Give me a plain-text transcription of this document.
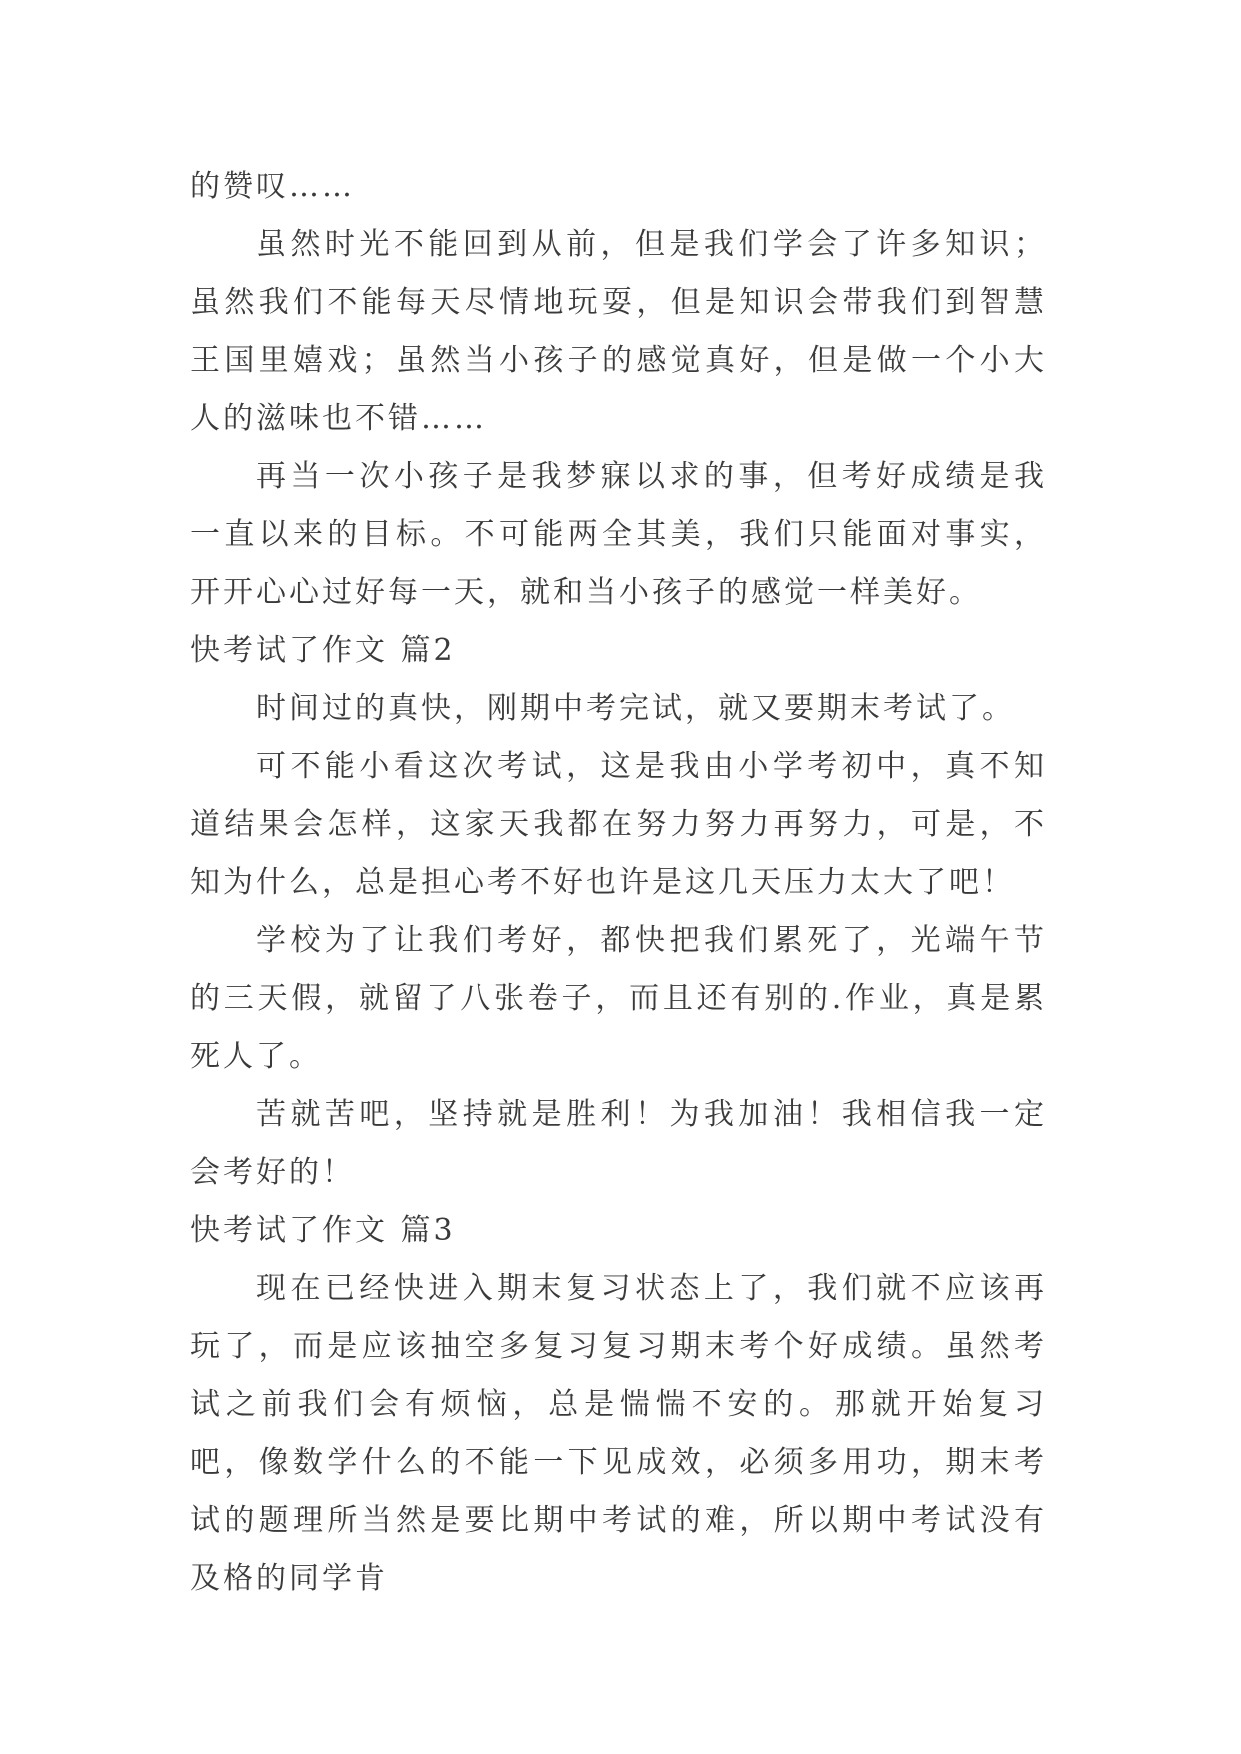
的赞叹……

虽然时光不能回到从前，但是我们学会了许多知识；虽然我们不能每天尽情地玩耍，但是知识会带我们到智慧王国里嬉戏；虽然当小孩子的感觉真好，但是做一个小大人的滋味也不错……

再当一次小孩子是我梦寐以求的事，但考好成绩是我一直以来的目标。不可能两全其美，我们只能面对事实，开开心心过好每一天，就和当小孩子的感觉一样美好。

快考试了作文 篇2

时间过的真快，刚期中考完试，就又要期末考试了。

可不能小看这次考试，这是我由小学考初中，真不知道结果会怎样，这家天我都在努力努力再努力，可是，不知为什么，总是担心考不好也许是这几天压力太大了吧！

学校为了让我们考好，都快把我们累死了，光端午节的三天假，就留了八张卷子，而且还有别的.作业，真是累死人了。

苦就苦吧，坚持就是胜利！为我加油！我相信我一定会考好的！

快考试了作文 篇3

现在已经快进入期末复习状态上了，我们就不应该再玩了，而是应该抽空多复习复习期末考个好成绩。虽然考试之前我们会有烦恼，总是惴惴不安的。那就开始复习吧，像数学什么的不能一下见成效，必须多用功，期末考试的题理所当然是要比期中考试的难，所以期中考试没有及格的同学肯
